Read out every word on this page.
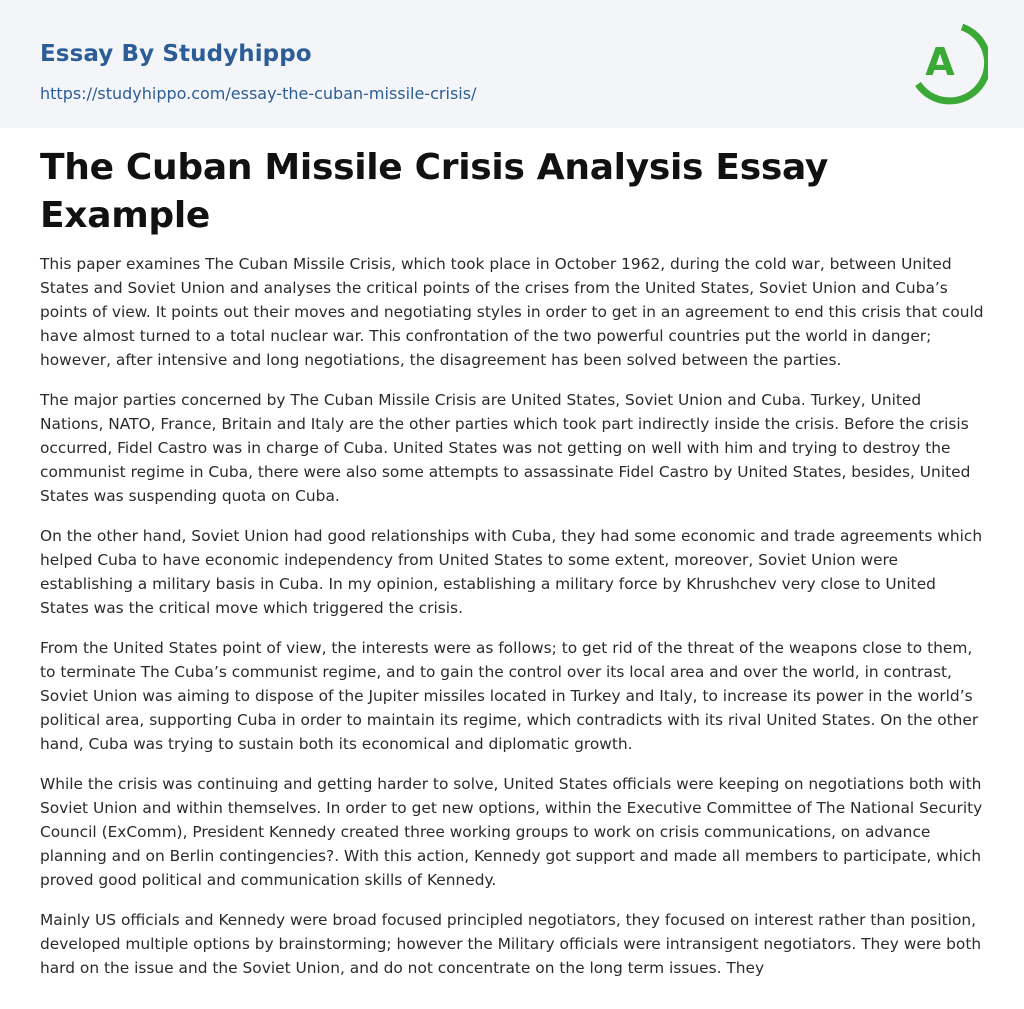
Essay By Studyhippo
https://studyhippo.com/essay-the-cuban-missile-crisis/
A
The Cuban Missile Crisis Analysis Essay Example

This paper examines The Cuban Missile Crisis, which took place in October 1962, during the cold war, between United States and Soviet Union and analyses the critical points of the crises from the United States, Soviet Union and Cuba’s points of view. It points out their moves and negotiating styles in order to get in an agreement to end this crisis that could have almost turned to a total nuclear war. This confrontation of the two powerful countries put the world in danger; however, after intensive and long negotiations, the disagreement has been solved between the parties.

The major parties concerned by The Cuban Missile Crisis are United States, Soviet Union and Cuba. Turkey, United Nations, NATO, France, Britain and Italy are the other parties which took part indirectly inside the crisis. Before the crisis occurred, Fidel Castro was in charge of Cuba. United States was not getting on well with him and trying to destroy the communist regime in Cuba, there were also some attempts to assassinate Fidel Castro by United States, besides, United States was suspending quota on Cuba.

On the other hand, Soviet Union had good relationships with Cuba, they had some economic and trade agreements which helped Cuba to have economic independency from United States to some extent, moreover, Soviet Union were establishing a military basis in Cuba. In my opinion, establishing a military force by Khrushchev very close to United States was the critical move which triggered the crisis.

From the United States point of view, the interests were as follows; to get rid of the threat of the weapons close to them, to terminate The Cuba’s communist regime, and to gain the control over its local area and over the world, in contrast, Soviet Union was aiming to dispose of the Jupiter missiles located in Turkey and Italy, to increase its power in the world’s political area, supporting Cuba in order to maintain its regime, which contradicts with its rival United States. On the other hand, Cuba was trying to sustain both its economical and diplomatic growth.

While the crisis was continuing and getting harder to solve, United States officials were keeping on negotiations both with Soviet Union and within themselves. In order to get new options, within the Executive Committee of The National Security Council (ExComm), President Kennedy created three working groups to work on crisis communications, on advance planning and on Berlin contingencies?. With this action, Kennedy got support and made all members to participate, which proved good political and communication skills of Kennedy.

Mainly US officials and Kennedy were broad focused principled negotiators, they focused on interest rather than position, developed multiple options by brainstorming; however the Military officials were intransigent negotiators. They were both hard on the issue and the Soviet Union, and do not concentrate on the long term issues. They
